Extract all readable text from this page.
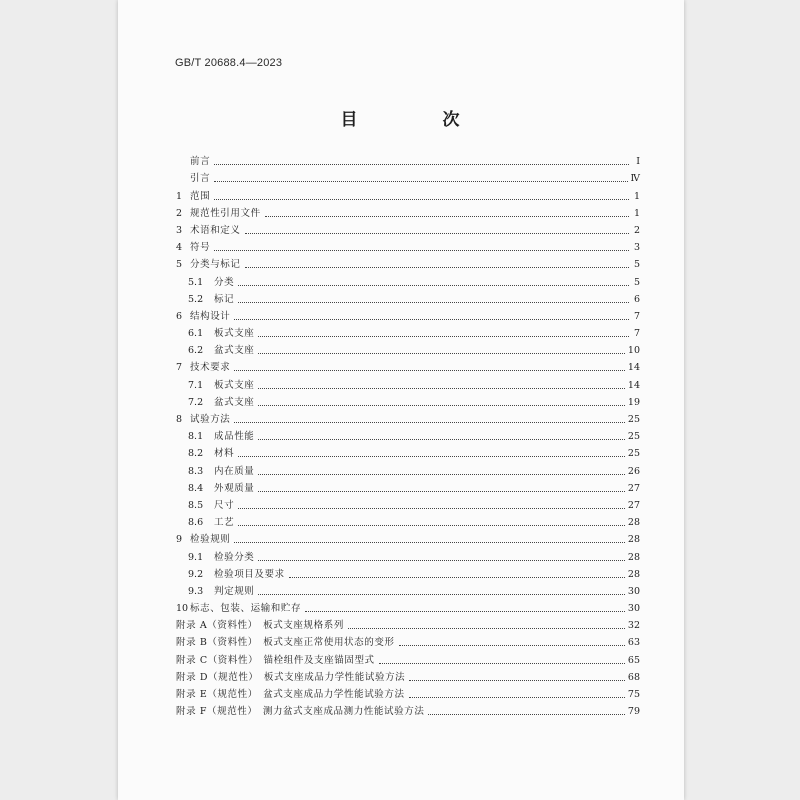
GB/T 20688.4—2023
目　次
前言	Ⅰ
引言	Ⅳ
1 范围	1
2 规范性引用文件	1
3 术语和定义	2
4 符号	3
5 分类与标记	5
5.1	分类	5
5.2	标记	6
6 结构设计	7
6.1	板式支座	7
6.2	盆式支座	10
7 技术要求	14
7.1	板式支座	14
7.2	盆式支座	19
8 试验方法	25
8.1	成品性能	25
8.2	材料	25
8.3	内在质量	26
8.4	外观质量	27
8.5	尺寸	27
8.6	工艺	28
9 检验规则	28
9.1	检验分类	28
9.2	检验项目及要求	28
9.3	判定规则	30
10 标志、包装、运输和贮存	30
附录 A（资料性）　板式支座规格系列	32
附录 B（资料性）　板式支座正常使用状态的变形	63
附录 C（资料性）　锚栓组件及支座锚固型式	65
附录 D（规范性）　板式支座成品力学性能试验方法	68
附录 E（规范性）　盆式支座成品力学性能试验方法	75
附录 F（规范性）　测力盆式支座成品测力性能试验方法	79
